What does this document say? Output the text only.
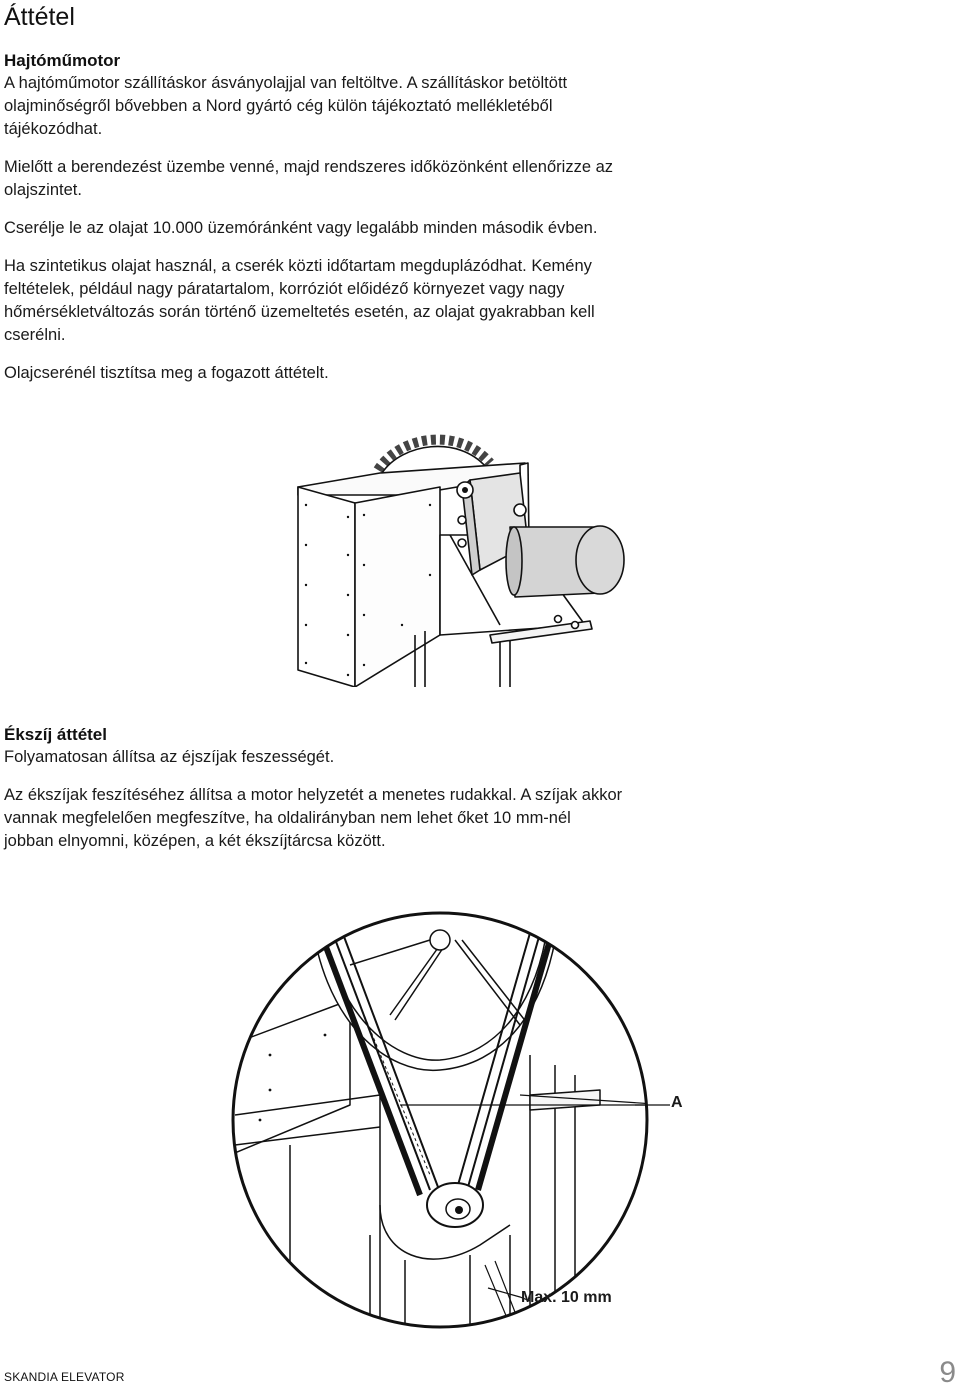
Áttétel
Hajtóműmotor

A hajtóműmotor szállításkor ásványolajjal van feltöltve. A szállításkor betöltött olajminőségről bővebben a Nord gyártó cég külön tájékoztató mellékletéből tájékozódhat.

Mielőtt a berendezést üzembe venné, majd rendszeres időközönként ellenőrizze az olajszintet.

Cserélje le az olajat 10.000 üzemóránként vagy legalább minden második évben.

Ha szintetikus olajat használ, a cserék közti időtartam megduplázódhat. Kemény feltételek, például nagy páratartalom, korróziót előidéző környezet vagy nagy hőmérsékletváltozás során történő üzemeltetés esetén, az olajat gyakrabban kell cserélni.

Olajcserénél tisztítsa meg a fogazott áttételt.

Ékszíj áttétel

Folyamatosan állítsa az éjszíjak feszességét.

Az ékszíjak feszítéséhez állítsa a motor helyzetét a menetes rudakkal. A szíjak akkor vannak megfelelően megfeszítve, ha oldalirányban nem lehet őket 10 mm-nél jobban elnyomni, középen, a két ékszíjtárcsa között.

A
Max. 10 mm
SKANDIA ELEVATOR	9
